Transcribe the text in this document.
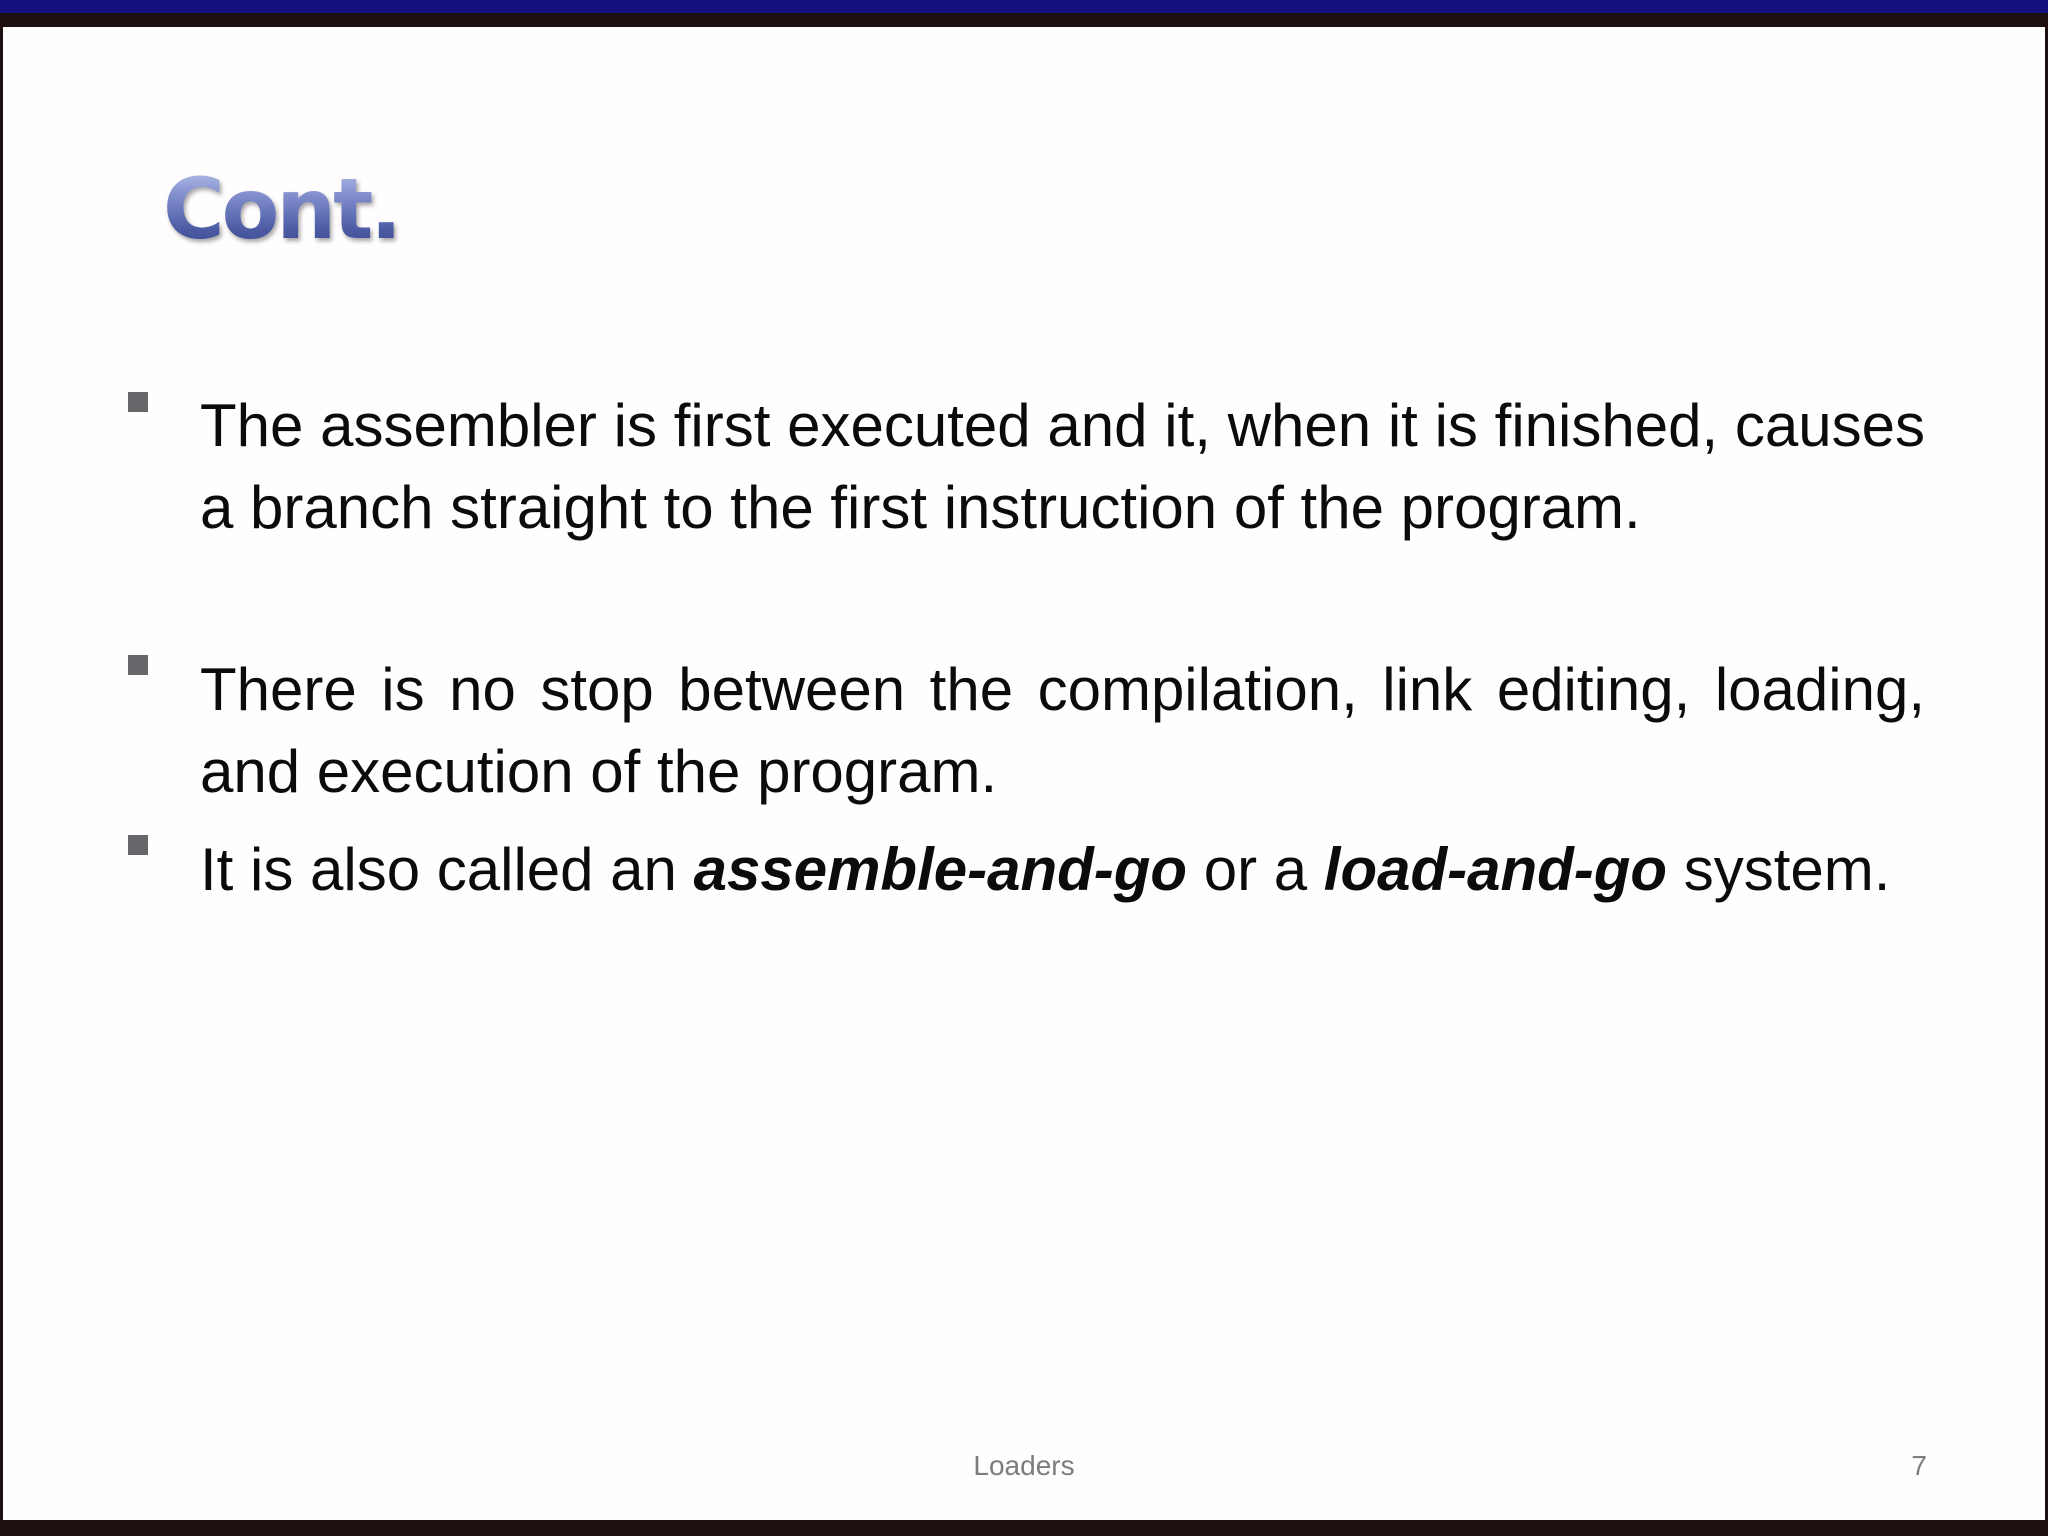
Cont.

The assembler is first executed and it, when it is finished, causes a branch straight to the first instruction of the program.

There is no stop between the compilation, link editing, loading, and execution of the program.

It is also called an assemble-and-go or a load-and-go system.

Loaders	7
